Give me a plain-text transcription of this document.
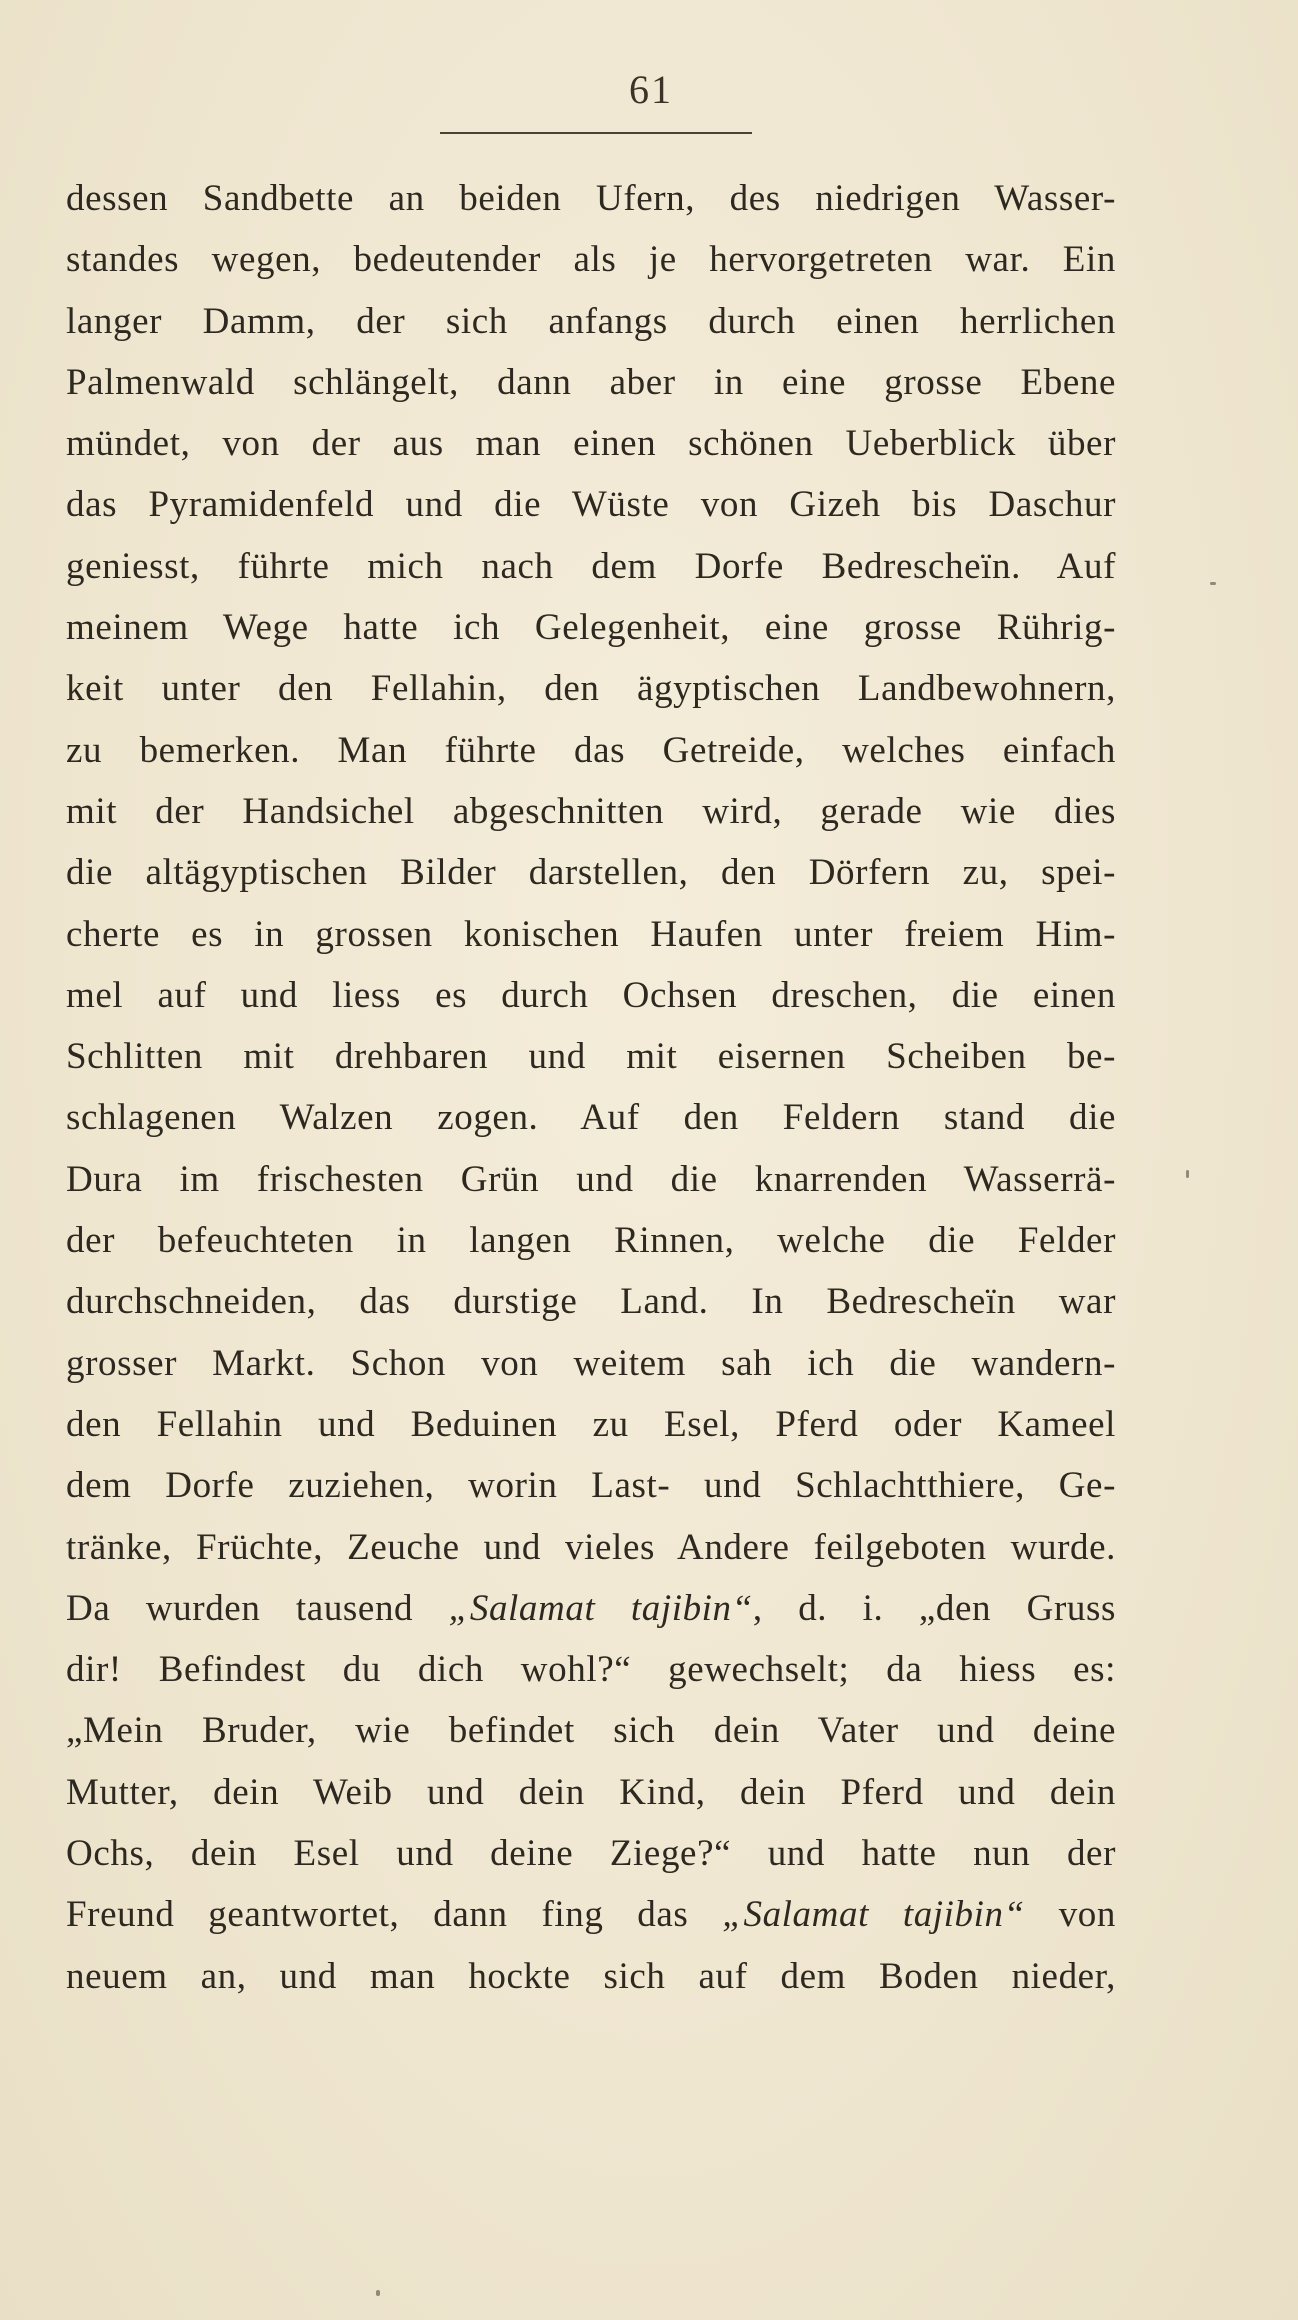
61
dessen Sandbette an beiden Ufern, des niedrigen Wasser-
standes wegen, bedeutender als je hervorgetreten war. Ein
langer Damm, der sich anfangs durch einen herrlichen
Palmenwald schlängelt, dann aber in eine grosse Ebene
mündet, von der aus man einen schönen Ueberblick über
das Pyramidenfeld und die Wüste von Gizeh bis Daschur
geniesst, führte mich nach dem Dorfe Bedrescheïn. Auf
meinem Wege hatte ich Gelegenheit, eine grosse Rührig-
keit unter den Fellahin, den ägyptischen Landbewohnern,
zu bemerken. Man führte das Getreide, welches einfach
mit der Handsichel abgeschnitten wird, gerade wie dies
die altägyptischen Bilder darstellen, den Dörfern zu, spei-
cherte es in grossen konischen Haufen unter freiem Him-
mel auf und liess es durch Ochsen dreschen, die einen
Schlitten mit drehbaren und mit eisernen Scheiben be-
schlagenen Walzen zogen. Auf den Feldern stand die
Dura im frischesten Grün und die knarrenden Wasserrä-
der befeuchteten in langen Rinnen, welche die Felder
durchschneiden, das durstige Land. In Bedrescheïn war
grosser Markt. Schon von weitem sah ich die wandern-
den Fellahin und Beduinen zu Esel, Pferd oder Kameel
dem Dorfe zuziehen, worin Last- und Schlachtthiere, Ge-
tränke, Früchte, Zeuche und vieles Andere feilgeboten wurde.
Da wurden tausend „Salamat tajibin“, d. i. „den Gruss
dir! Befindest du dich wohl?“ gewechselt; da hiess es:
„Mein Bruder, wie befindet sich dein Vater und deine
Mutter, dein Weib und dein Kind, dein Pferd und dein
Ochs, dein Esel und deine Ziege?“ und hatte nun der
Freund geantwortet, dann fing das „Salamat tajibin“ von
neuem an, und man hockte sich auf dem Boden nieder,
